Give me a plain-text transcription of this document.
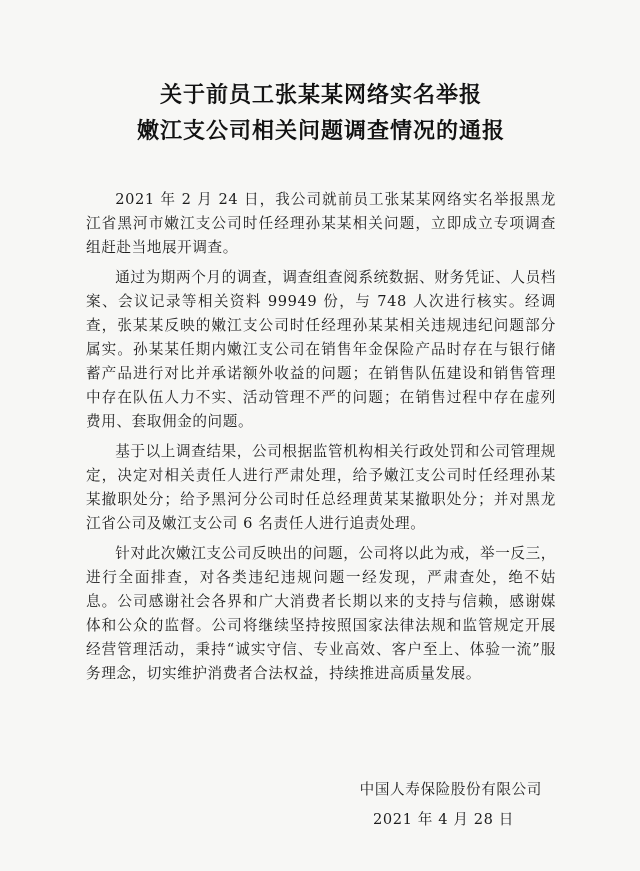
关于前员工张某某网络实名举报
嫩江支公司相关问题调查情况的通报

2021 年 2 月 24 日，我公司就前员工张某某网络实名举报黑龙江省黑河市嫩江支公司时任经理孙某某相关问题，立即成立专项调查组赶赴当地展开调查。

通过为期两个月的调查，调查组查阅系统数据、财务凭证、人员档案、会议记录等相关资料 99949 份，与 748 人次进行核实。经调查，张某某反映的嫩江支公司时任经理孙某某相关违规违纪问题部分属实。孙某某任期内嫩江支公司在销售年金保险产品时存在与银行储蓄产品进行对比并承诺额外收益的问题；在销售队伍建设和销售管理中存在队伍人力不实、活动管理不严的问题；在销售过程中存在虚列费用、套取佣金的问题。

基于以上调查结果，公司根据监管机构相关行政处罚和公司管理规定，决定对相关责任人进行严肃处理，给予嫩江支公司时任经理孙某某撤职处分；给予黑河分公司时任总经理黄某某撤职处分；并对黑龙江省公司及嫩江支公司 6 名责任人进行追责处理。

针对此次嫩江支公司反映出的问题，公司将以此为戒，举一反三，进行全面排查，对各类违纪违规问题一经发现，严肃查处，绝不姑息。公司感谢社会各界和广大消费者长期以来的支持与信赖，感谢媒体和公众的监督。公司将继续坚持按照国家法律法规和监管规定开展经营管理活动，秉持“诚实守信、专业高效、客户至上、体验一流”服务理念，切实维护消费者合法权益，持续推进高质量发展。

中国人寿保险股份有限公司
2021 年 4 月 28 日
